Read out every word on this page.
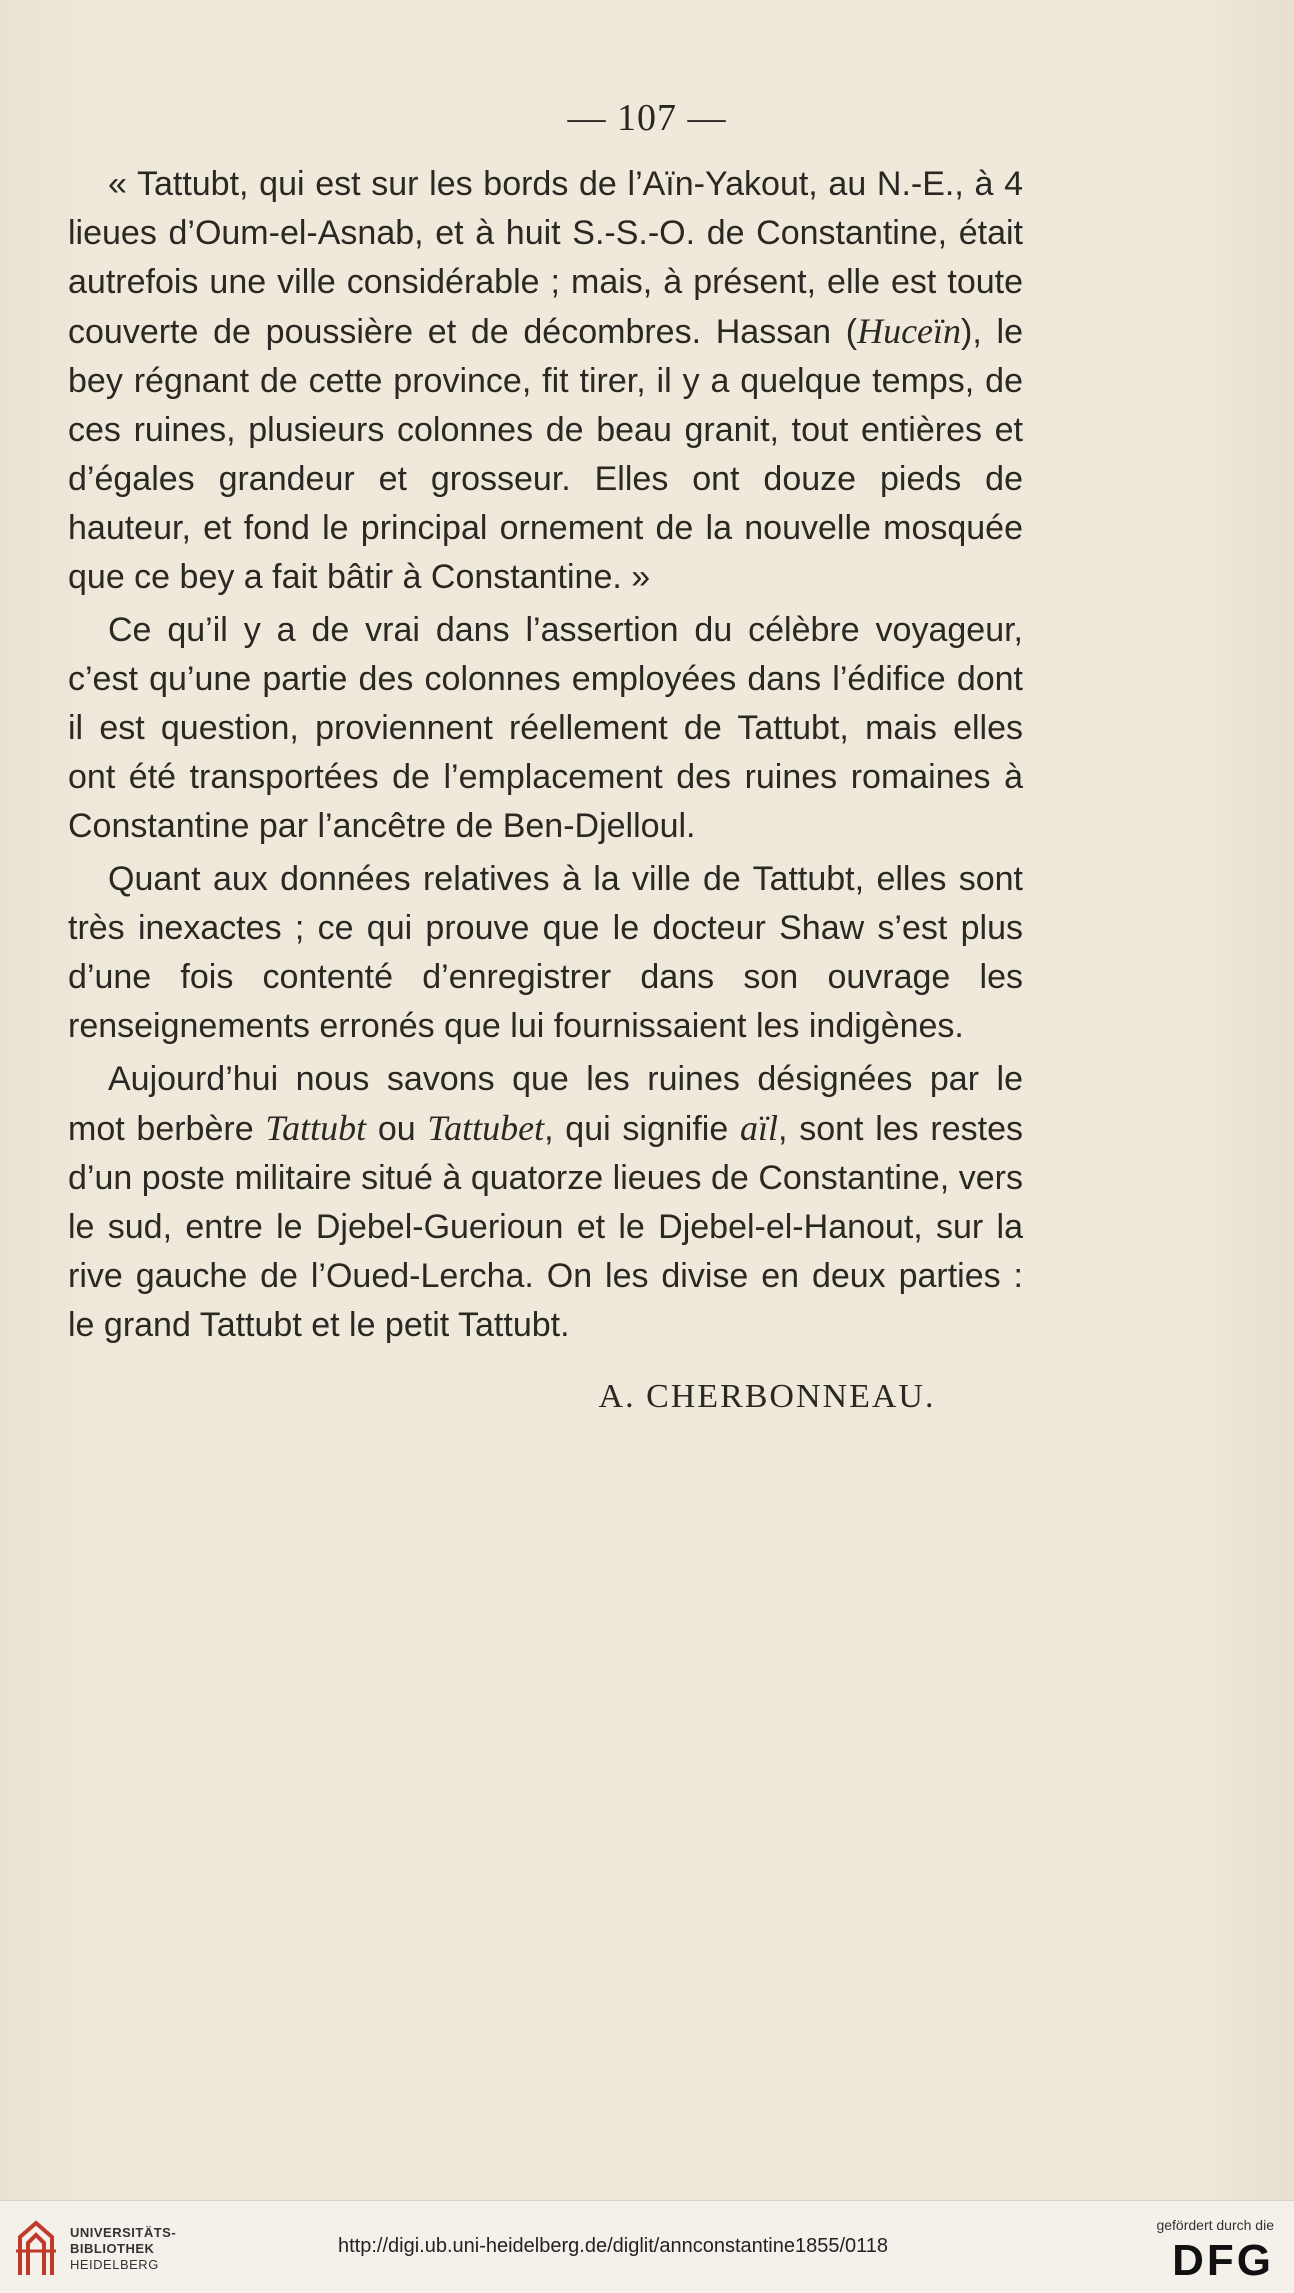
— 107 —

« Tattubt, qui est sur les bords de l’Aïn-Yakout, au N.-E., à 4 lieues d’Oum-el-Asnab, et à huit S.-S.-O. de Constantine, était autrefois une ville considérable ; mais, à présent, elle est toute couverte de poussière et de décombres. Hassan (Huceïn), le bey régnant de cette province, fit tirer, il y a quelque temps, de ces ruines, plusieurs colonnes de beau granit, tout entières et d’égales grandeur et grosseur. Elles ont douze pieds de hauteur, et fond le principal ornement de la nouvelle mosquée que ce bey a fait bâtir à Constantine. »

Ce qu’il y a de vrai dans l’assertion du célèbre voyageur, c’est qu’une partie des colonnes employées dans l’édifice dont il est question, proviennent réellement de Tattubt, mais elles ont été transportées de l’emplacement des ruines romaines à Constantine par l’ancêtre de Ben-Djelloul.

Quant aux données relatives à la ville de Tattubt, elles sont très inexactes ; ce qui prouve que le docteur Shaw s’est plus d’une fois contenté d’enregistrer dans son ouvrage les renseignements erronés que lui fournissaient les indigènes.

Aujourd’hui nous savons que les ruines désignées par le mot berbère Tattubt ou Tattubet, qui signifie aïl, sont les restes d’un poste militaire situé à quatorze lieues de Constantine, vers le sud, entre le Djebel-Guerioun et le Djebel-el-Hanout, sur la rive gauche de l’Oued-Lercha. On les divise en deux parties : le grand Tattubt et le petit Tattubt.

A. CHERBONNEAU.
UNIVERSITÄTS-
BIBLIOTHEK
HEIDELBERG
http://digi.ub.uni-heidelberg.de/diglit/annconstantine1855/0118
gefördert durch die
DFG
